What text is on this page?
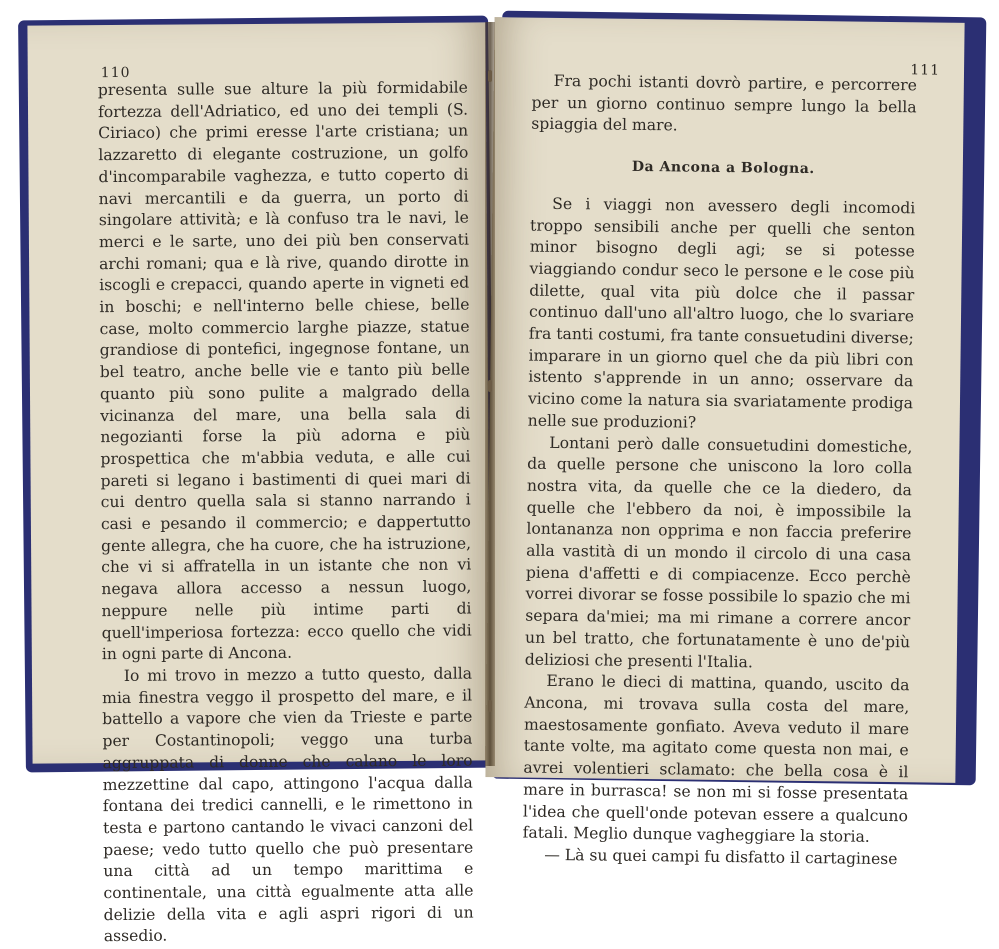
110

presenta sulle sue alture la più formidabile fortezza dell'Adriatico, ed uno dei templi (S. Ciriaco) che primi eresse l'arte cristiana; un lazzaretto di elegante costruzione, un golfo d'incomparabile vaghezza, e tutto coperto di navi mercantili e da guerra, un porto di singolare attività; e là confuso tra le navi, le merci e le sarte, uno dei più ben conservati archi romani; qua e là rive, quando dirotte in iscogli e crepacci, quando aperte in vigneti ed in boschi; e nell'interno belle chiese, belle case, molto commercio larghe piazze, statue grandiose di pontefici, ingegnose fontane, un bel teatro, anche belle vie e tanto più belle quanto più sono pulite a malgrado della vicinanza del mare, una bella sala di negozianti forse la più adorna e più prospettica che m'abbia veduta, e alle cui pareti si legano i bastimenti di quei mari di cui dentro quella sala si stanno narrando i casi e pesando il commercio; e dappertutto gente allegra, che ha cuore, che ha istruzione, che vi si affratella in un istante che non vi negava allora accesso a nessun luogo, neppure nelle più intime parti di quell'imperiosa fortezza: ecco quello che vidi in ogni parte di Ancona.

Io mi trovo in mezzo a tutto questo, dalla mia finestra veggo il prospetto del mare, e il battello a vapore che vien da Trieste e parte per Costantinopoli; veggo una turba aggruppata di donne che calano le loro mezzettine dal capo, attingono l'acqua dalla fontana dei tredici cannelli, e le rimettono in testa e partono cantando le vivaci canzoni del paese; vedo tutto quello che può presentare una città ad un tempo marittima e continentale, una città egualmente atta alle delizie della vita e agli aspri rigori di un assedio.

111

Fra pochi istanti dovrò partire, e percorrere per un giorno continuo sempre lungo la bella spiaggia del mare.

Da Ancona a Bologna.

Se i viaggi non avessero degli incomodi troppo sensibili anche per quelli che senton minor bisogno degli agi; se si potesse viaggiando condur seco le persone e le cose più dilette, qual vita più dolce che il passar continuo dall'uno all'altro luogo, che lo svariare fra tanti costumi, fra tante consuetudini diverse; imparare in un giorno quel che da più libri con istento s'apprende in un anno; osservare da vicino come la natura sia svariatamente prodiga nelle sue produzioni?

Lontani però dalle consuetudini domestiche, da quelle persone che uniscono la loro colla nostra vita, da quelle che ce la diedero, da quelle che l'ebbero da noi, è impossibile la lontananza non opprima e non faccia preferire alla vastità di un mondo il circolo di una casa piena d'affetti e di compiacenze. Ecco perchè vorrei divorar se fosse possibile lo spazio che mi separa da'miei; ma mi rimane a correre ancor un bel tratto, che fortunatamente è uno de'più deliziosi che presenti l'Italia.

Erano le dieci di mattina, quando, uscito da Ancona, mi trovava sulla costa del mare, maestosamente gonfiato. Aveva veduto il mare tante volte, ma agitato come questa non mai, e avrei volentieri sclamato: che bella cosa è il mare in burrasca! se non mi si fosse presentata l'idea che quell'onde potevan essere a qualcuno fatali. Meglio dunque vagheggiare la storia.

— Là su quei campi fu disfatto il cartaginese
